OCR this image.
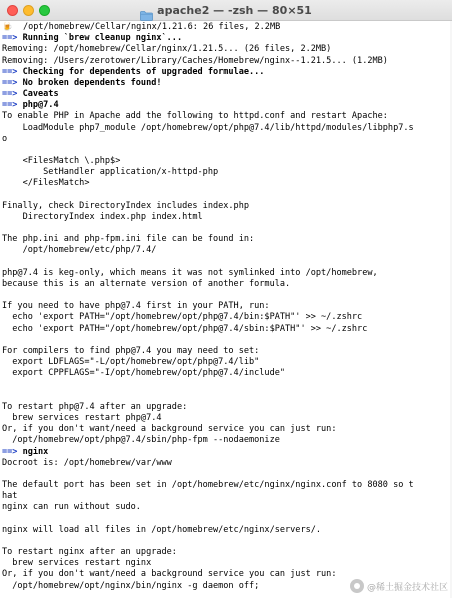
apache2 — -zsh — 80×51
🍺  /opt/homebrew/Cellar/nginx/1.21.6: 26 files, 2.2MB
==> Running `brew cleanup nginx`...
Removing: /opt/homebrew/Cellar/nginx/1.21.5... (26 files, 2.2MB)
Removing: /Users/zerotower/Library/Caches/Homebrew/nginx--1.21.5... (1.2MB)
==> Checking for dependents of upgraded formulae...
==> No broken dependents found!
==> Caveats
==> php@7.4
To enable PHP in Apache add the following to httpd.conf and restart Apache:
LoadModule php7_module /opt/homebrew/opt/php@7.4/lib/httpd/modules/libphp7.s
o
<FilesMatch \.php$>
SetHandler application/x-httpd-php
</FilesMatch>
Finally, check DirectoryIndex includes index.php
DirectoryIndex index.php index.html
The php.ini and php-fpm.ini file can be found in:
/opt/homebrew/etc/php/7.4/
php@7.4 is keg-only, which means it was not symlinked into /opt/homebrew,
because this is an alternate version of another formula.
If you need to have php@7.4 first in your PATH, run:
echo 'export PATH="/opt/homebrew/opt/php@7.4/bin:$PATH"' >> ~/.zshrc
echo 'export PATH="/opt/homebrew/opt/php@7.4/sbin:$PATH"' >> ~/.zshrc
For compilers to find php@7.4 you may need to set:
export LDFLAGS="-L/opt/homebrew/opt/php@7.4/lib"
export CPPFLAGS="-I/opt/homebrew/opt/php@7.4/include"
To restart php@7.4 after an upgrade:
brew services restart php@7.4
Or, if you don't want/need a background service you can just run:
/opt/homebrew/opt/php@7.4/sbin/php-fpm --nodaemonize
==> nginx
Docroot is: /opt/homebrew/var/www
The default port has been set in /opt/homebrew/etc/nginx/nginx.conf to 8080 so t
hat
nginx can run without sudo.
nginx will load all files in /opt/homebrew/etc/nginx/servers/.
To restart nginx after an upgrade:
brew services restart nginx
Or, if you don't want/need a background service you can just run:
/opt/homebrew/opt/nginx/bin/nginx -g daemon off;	@稀土掘金技术社区
